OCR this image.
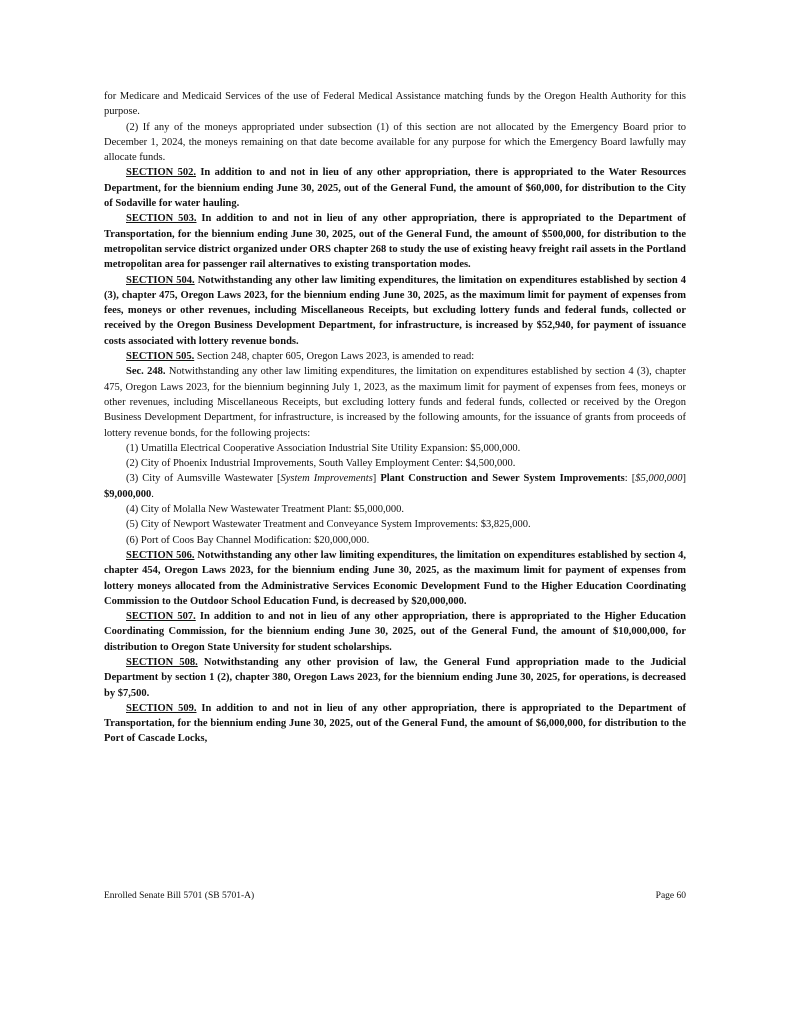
for Medicare and Medicaid Services of the use of Federal Medical Assistance matching funds by the Oregon Health Authority for this purpose.

(2) If any of the moneys appropriated under subsection (1) of this section are not allocated by the Emergency Board prior to December 1, 2024, the moneys remaining on that date become available for any purpose for which the Emergency Board lawfully may allocate funds.

SECTION 502. In addition to and not in lieu of any other appropriation, there is appropriated to the Water Resources Department, for the biennium ending June 30, 2025, out of the General Fund, the amount of $60,000, for distribution to the City of Sodaville for water hauling.

SECTION 503. In addition to and not in lieu of any other appropriation, there is appropriated to the Department of Transportation, for the biennium ending June 30, 2025, out of the General Fund, the amount of $500,000, for distribution to the metropolitan service district organized under ORS chapter 268 to study the use of existing heavy freight rail assets in the Portland metropolitan area for passenger rail alternatives to existing transportation modes.

SECTION 504. Notwithstanding any other law limiting expenditures, the limitation on expenditures established by section 4 (3), chapter 475, Oregon Laws 2023, for the biennium ending June 30, 2025, as the maximum limit for payment of expenses from fees, moneys or other revenues, including Miscellaneous Receipts, but excluding lottery funds and federal funds, collected or received by the Oregon Business Development Department, for infrastructure, is increased by $52,940, for payment of issuance costs associated with lottery revenue bonds.

SECTION 505. Section 248, chapter 605, Oregon Laws 2023, is amended to read:

Sec. 248. Notwithstanding any other law limiting expenditures, the limitation on expenditures established by section 4 (3), chapter 475, Oregon Laws 2023, for the biennium beginning July 1, 2023, as the maximum limit for payment of expenses from fees, moneys or other revenues, including Miscellaneous Receipts, but excluding lottery funds and federal funds, collected or received by the Oregon Business Development Department, for infrastructure, is increased by the following amounts, for the issuance of grants from proceeds of lottery revenue bonds, for the following projects:

(1) Umatilla Electrical Cooperative Association Industrial Site Utility Expansion: $5,000,000.

(2) City of Phoenix Industrial Improvements, South Valley Employment Center: $4,500,000.

(3) City of Aumsville Wastewater [System Improvements] Plant Construction and Sewer System Improvements: [$5,000,000] $9,000,000.

(4) City of Molalla New Wastewater Treatment Plant: $5,000,000.

(5) City of Newport Wastewater Treatment and Conveyance System Improvements: $3,825,000.

(6) Port of Coos Bay Channel Modification: $20,000,000.

SECTION 506. Notwithstanding any other law limiting expenditures, the limitation on expenditures established by section 4, chapter 454, Oregon Laws 2023, for the biennium ending June 30, 2025, as the maximum limit for payment of expenses from lottery moneys allocated from the Administrative Services Economic Development Fund to the Higher Education Coordinating Commission to the Outdoor School Education Fund, is decreased by $20,000,000.

SECTION 507. In addition to and not in lieu of any other appropriation, there is appropriated to the Higher Education Coordinating Commission, for the biennium ending June 30, 2025, out of the General Fund, the amount of $10,000,000, for distribution to Oregon State University for student scholarships.

SECTION 508. Notwithstanding any other provision of law, the General Fund appropriation made to the Judicial Department by section 1 (2), chapter 380, Oregon Laws 2023, for the biennium ending June 30, 2025, for operations, is decreased by $7,500.

SECTION 509. In addition to and not in lieu of any other appropriation, there is appropriated to the Department of Transportation, for the biennium ending June 30, 2025, out of the General Fund, the amount of $6,000,000, for distribution to the Port of Cascade Locks,

Enrolled Senate Bill 5701 (SB 5701-A)	Page 60
